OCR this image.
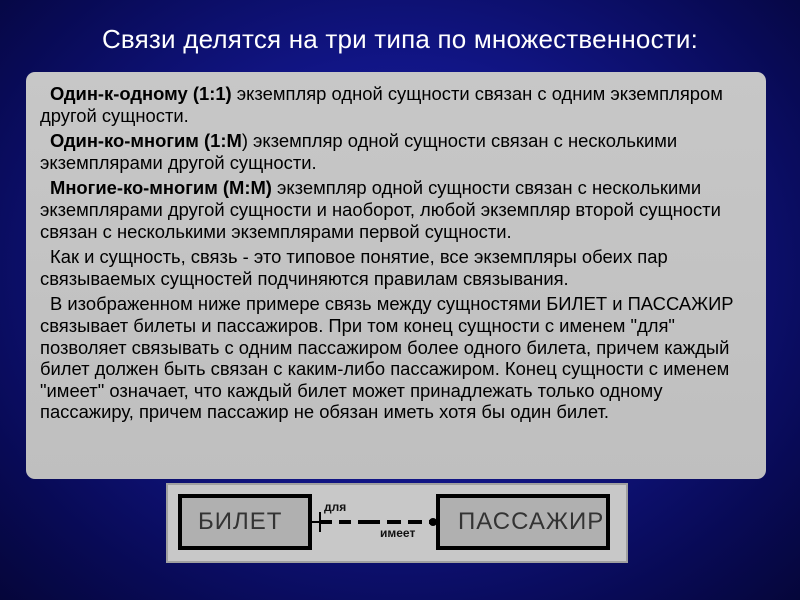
Связи делятся на три типа по множественности:

Один-к-одному (1:1) экземпляр одной сущности связан с одним экземпляром другой сущности.

Один-ко-многим (1:М) экземпляр одной сущности связан с несколькими экземплярами другой сущности.

Многие-ко-многим (М:М) экземпляр одной сущности связан с несколькими экземплярами другой сущности и наоборот, любой экземпляр второй сущности связан с несколькими экземплярами первой сущности.

Как и сущность, связь - это типовое понятие, все экземпляры обеих пар связываемых сущностей подчиняются правилам связывания.

В изображенном ниже примере связь между сущностями БИЛЕТ и ПАССАЖИР связывает билеты и пассажиров. При том конец сущности с именем "для" позволяет связывать с одним пассажиром более одного билета, причем каждый билет должен быть связан с каким-либо пассажиром. Конец сущности с именем "имеет" означает, что каждый билет может принадлежать только одному пассажиру, причем пассажир не обязан иметь хотя бы один билет.

БИЛЕТ	ПАССАЖИР
для
имеет
